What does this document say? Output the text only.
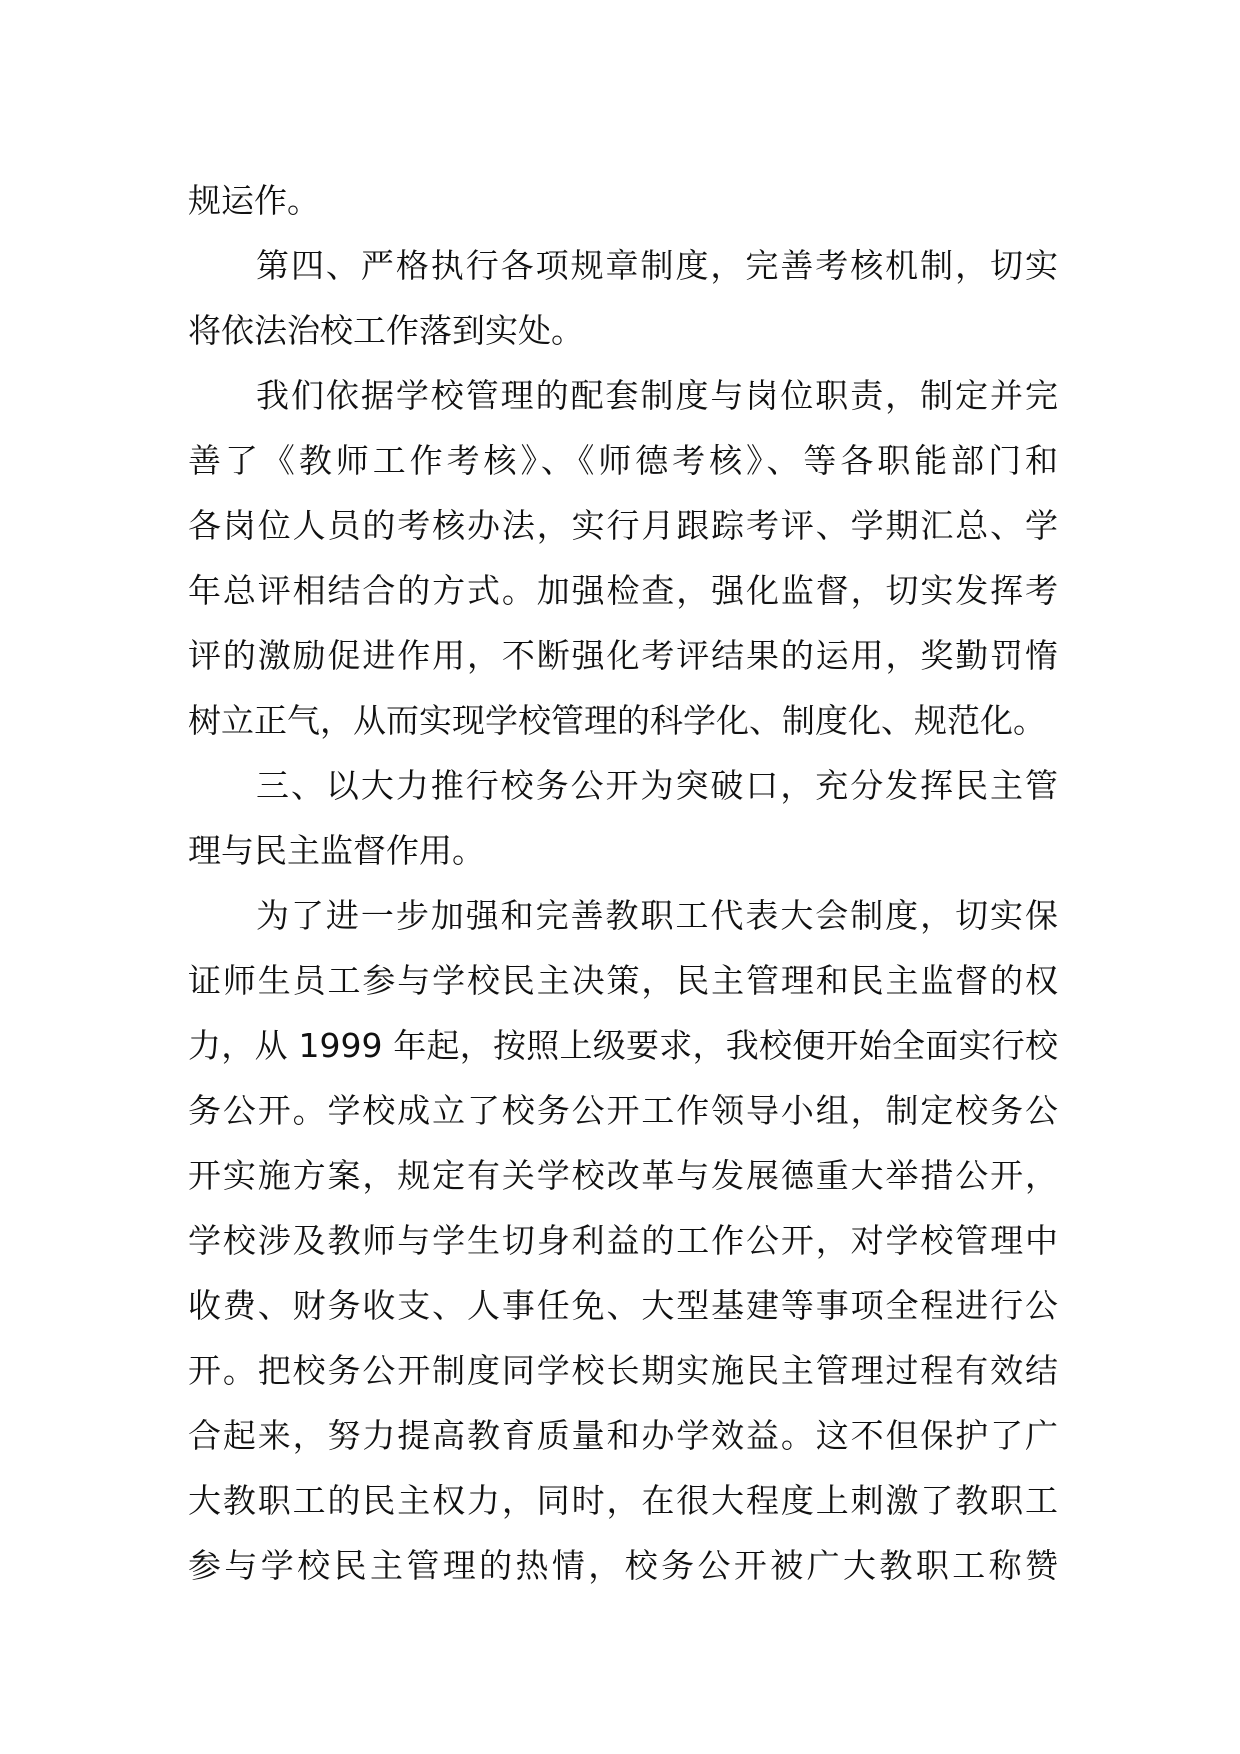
规运作。
第四、严格执行各项规章制度，完善考核机制，切实
将依法治校工作落到实处。
我们依据学校管理的配套制度与岗位职责，制定并完
善了《教师工作考核》、《师德考核》、等各职能部门和
各岗位人员的考核办法，实行月跟踪考评、学期汇总、学
年总评相结合的方式。加强检查，强化监督，切实发挥考
评的激励促进作用，不断强化考评结果的运用，奖勤罚惰
树立正气，从而实现学校管理的科学化、制度化、规范化。
三、以大力推行校务公开为突破口，充分发挥民主管
理与民主监督作用。
为了进一步加强和完善教职工代表大会制度，切实保
证师生员工参与学校民主决策，民主管理和民主监督的权
力，从 1999 年起，按照上级要求，我校便开始全面实行校
务公开。学校成立了校务公开工作领导小组，制定校务公
开实施方案，规定有关学校改革与发展德重大举措公开，
学校涉及教师与学生切身利益的工作公开，对学校管理中
收费、财务收支、人事任免、大型基建等事项全程进行公
开。把校务公开制度同学校长期实施民主管理过程有效结
合起来，努力提高教育质量和办学效益。这不但保护了广
大教职工的民主权力，同时，在很大程度上刺激了教职工
参与学校民主管理的热情，校务公开被广大教职工称赞
